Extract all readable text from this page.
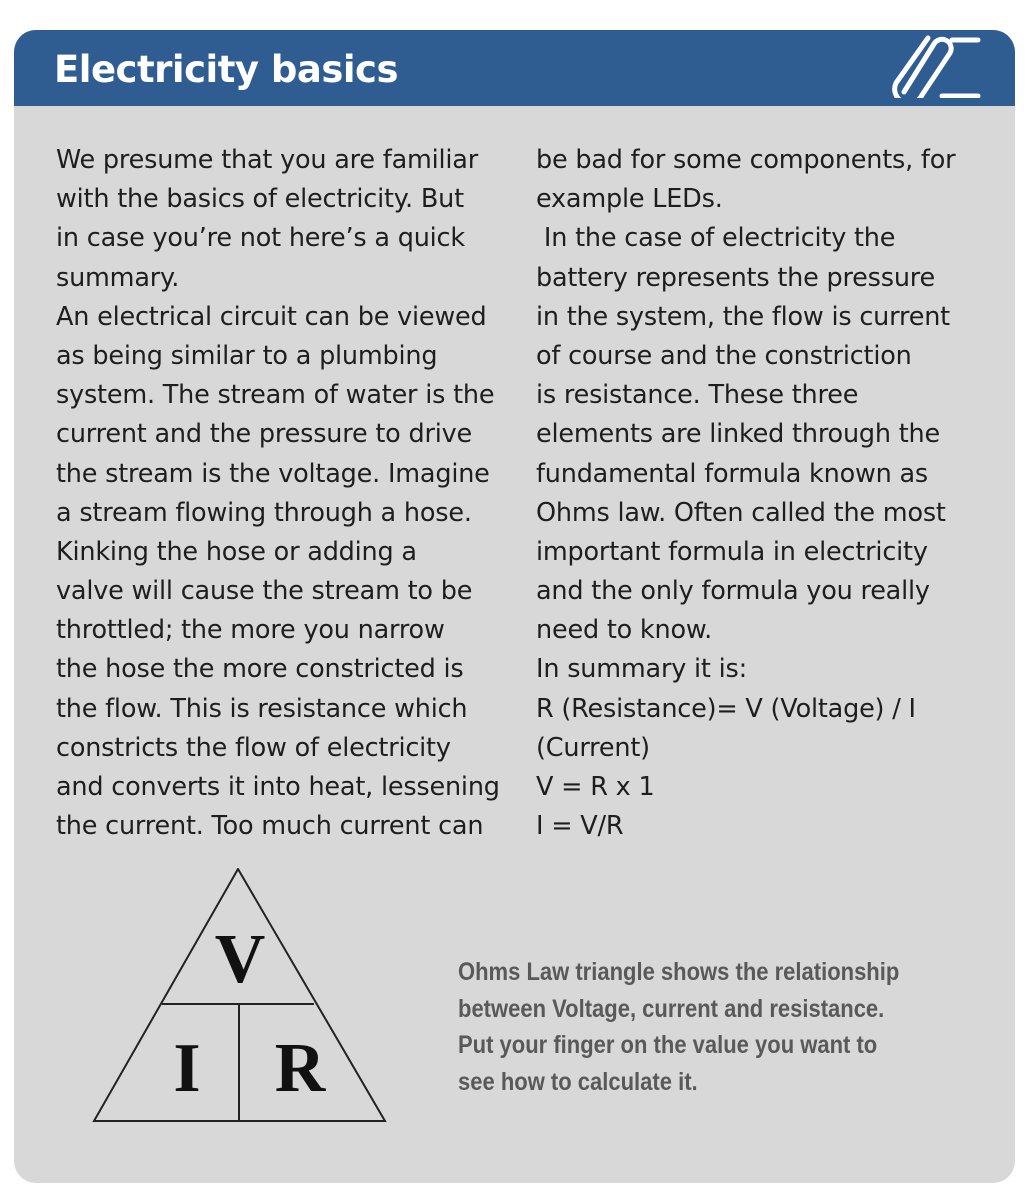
Electricity basics
We presume that you are familiar
with the basics of electricity. But
in case you’re not here’s a quick
summary.
An electrical circuit can be viewed
as being similar to a plumbing
system. The stream of water is the
current and the pressure to drive
the stream is the voltage. Imagine
a stream flowing through a hose.
Kinking the hose or adding a
valve will cause the stream to be
throttled; the more you narrow
the hose the more constricted is
the flow. This is resistance which
constricts the flow of electricity
and converts it into heat, lessening
the current. Too much current can
be bad for some components, for
example LEDs.
In the case of electricity the
battery represents the pressure
in the system, the flow is current
of course and the constriction
is resistance. These three
elements are linked through the
fundamental formula known as
Ohms law. Often called the most
important formula in electricity
and the only formula you really
need to know.
In summary it is:
R (Resistance)= V (Voltage) / I
(Current)
V = R x 1
I = V/R
V
I R
Ohms Law triangle shows the relationship
between Voltage, current and resistance.
Put your finger on the value you want to
see how to calculate it.
